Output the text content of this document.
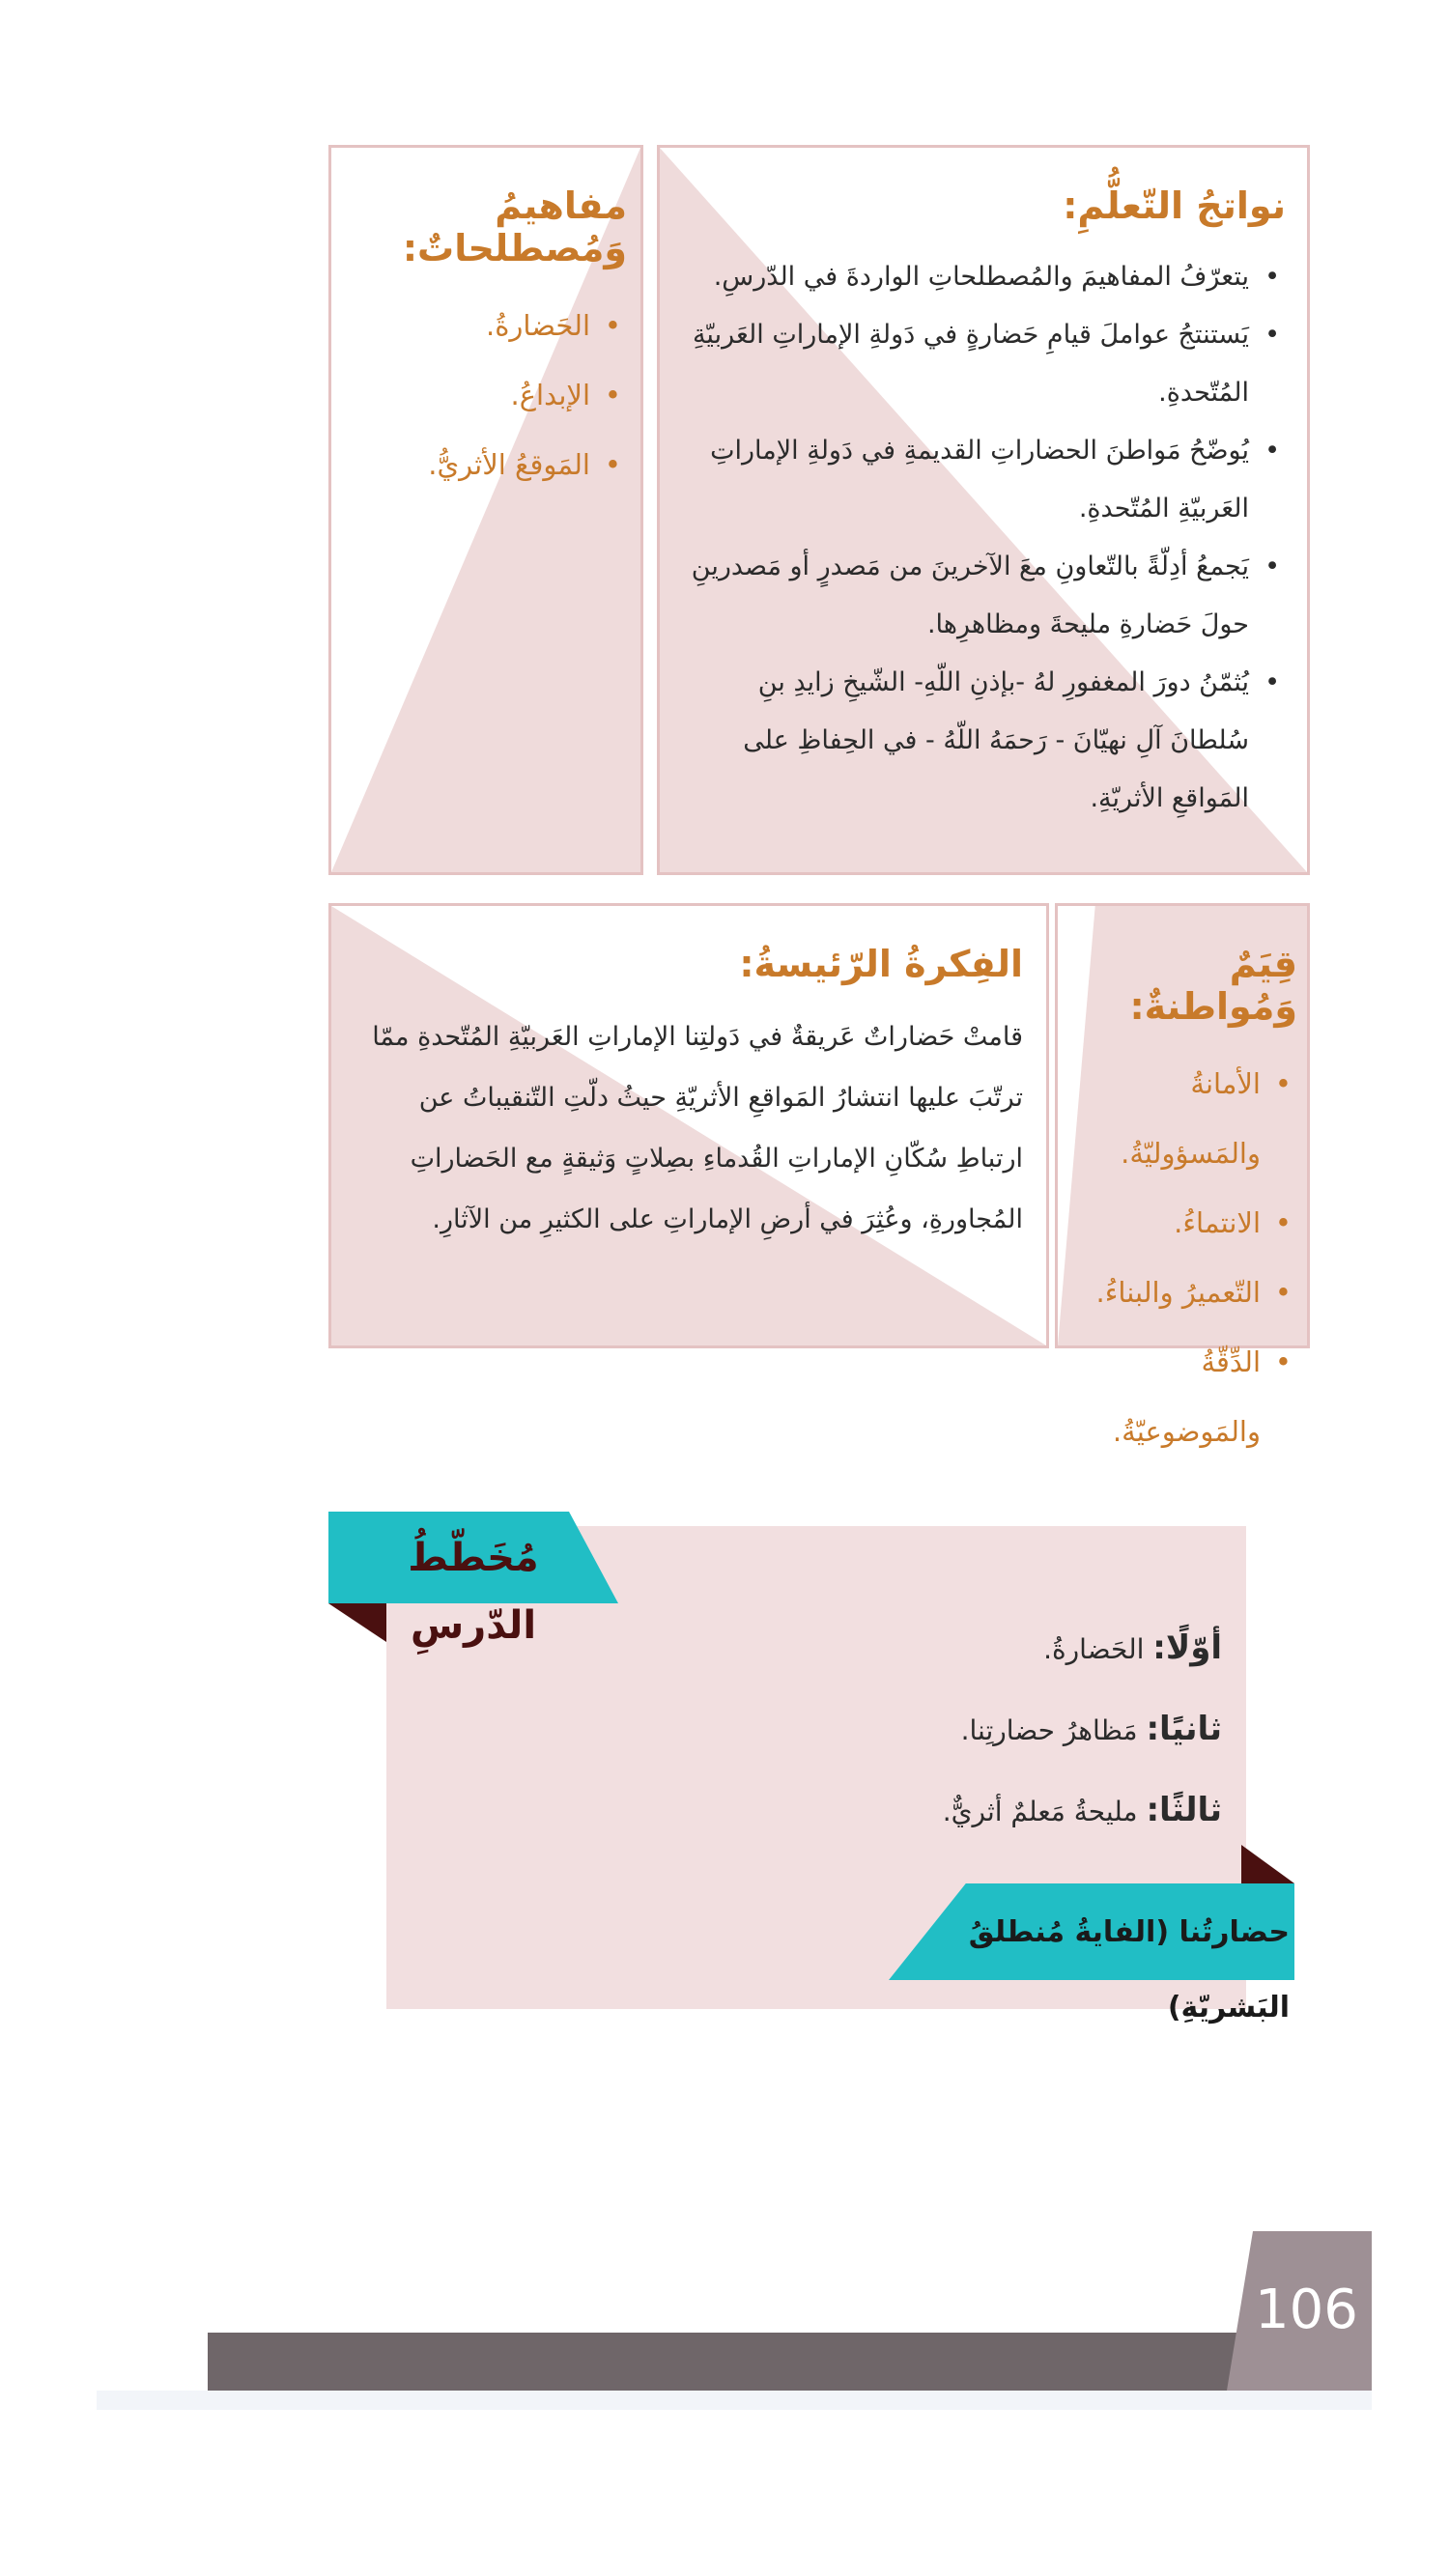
نواتجُ التّعلُّمِ:
• يتعرّفُ المفاهيمَ والمُصطلحاتِ الواردةَ في الدّرسِ.
• يَستنتجُ عواملَ قيامِ حَضارةٍ في دَولةِ الإماراتِ العَربيّةِ المُتّحدةِ.
• يُوضّحُ مَواطنَ الحضاراتِ القديمةِ في دَولةِ الإماراتِ العَربيّةِ المُتّحدةِ.
• يَجمعُ أدِلّةً بالتّعاونِ معَ الآخرينَ من مَصدرٍ أو مَصدرينِ حولَ حَضارةِ مليحةَ ومظاهرِها.
• يُثمّنُ دورَ المغفورِ لهُ -بإذنِ اللّهِ- الشّيخِ زايدِ بنِ سُلطانَ آلِ نهيّانَ - رَحمَهُ اللّهُ - في الحِفاظِ على المَواقعِ الأثريّةِ.
مفاهيمُ وَمُصطلحاتٌ:
• الحَضارةُ.
• الإبداعُ.
• المَوقعُ الأثريُّ.
قِيَمٌ وَمُواطنةٌ:
• الأمانةُ والمَسؤوليّةُ.
• الانتماءُ.
• التّعميرُ والبناءُ.
• الدِّقّةُ والمَوضوعيّةُ.
الفِكرةُ الرّئيسةُ:

قامتْ حَضاراتٌ عَريقةٌ في دَولتِنا الإماراتِ العَربيّةِ المُتّحدةِ ممّا ترتّبَ عليها انتشارُ المَواقعِ الأثريّةِ حيثُ دلّتِ التّنقيباتُ عن ارتباطِ سُكّانِ الإماراتِ القُدماءِ بصِلاتٍ وَثيقةٍ مع الحَضاراتِ المُجاورةِ، وعُثِرَ في أرضِ الإماراتِ على الكثيرِ من الآثارِ.

مُخَطّطُ الدّرسِ	أوّلًا: الحَضارةُ.
ثانيًا: مَظاهرُ حضارتِنا.
ثالثًا: مليحةُ مَعلمٌ أثريٌّ.
حضارتُنا (الفايةُ مُنطلقُ البَشريّةِ)
106
